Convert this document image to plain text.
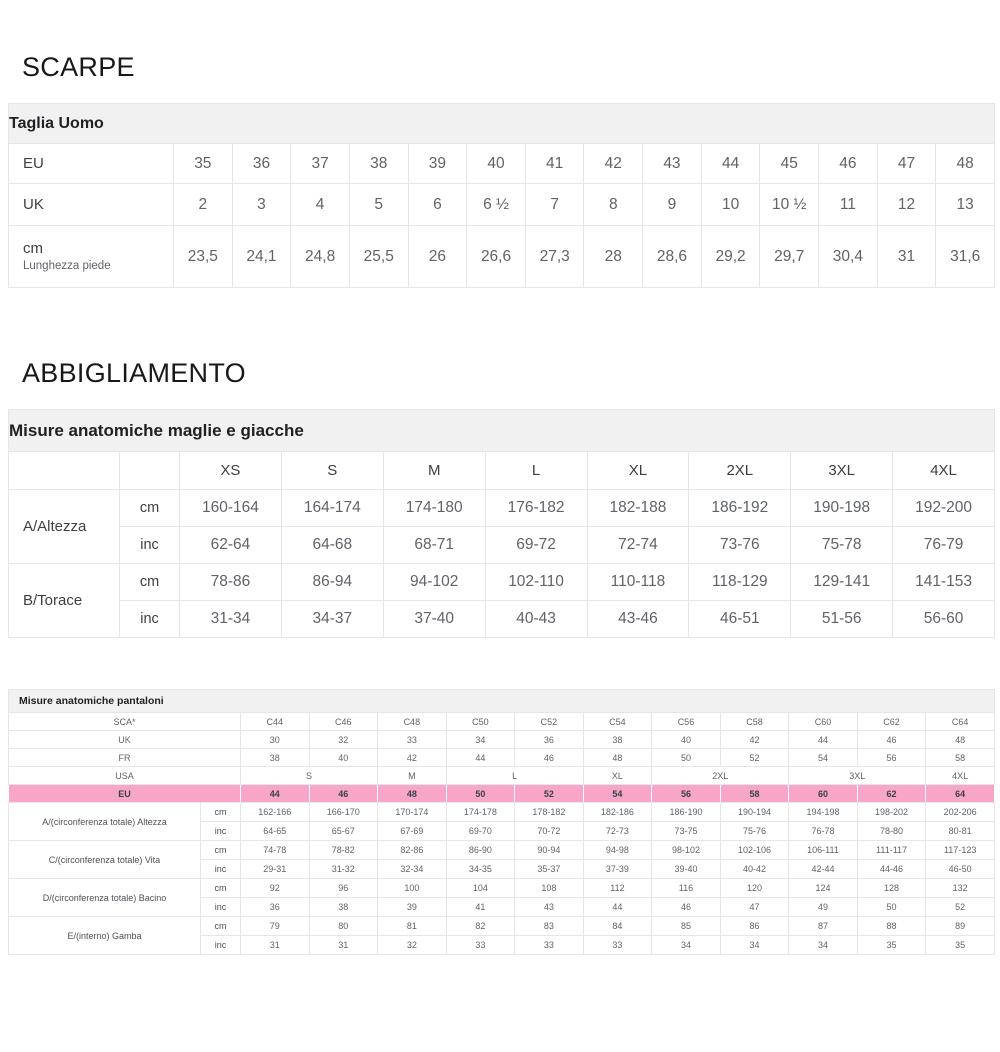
SCARPE
Taglia Uomo														

EU	35	36	37	38	39	40	41	42	43	44	45	46	47	48

UK	2	3	4	5	6	6 ½	7	8	9	10	10 ½	11	12	13

cm
Lunghezza piede	23,5	24,1	24,8	25,5	26	26,6	27,3	28	28,6	29,2	29,7	30,4	31	31,6
ABBIGLIAMENTO
Misure anatomiche maglie e giacche									
		XS	S	M	L	XL	2XL	3XL	4XL
A/Altezza	cm	160-164	164-174	174-180	176-182	182-188	186-192	190-198	192-200
	inc	62-64	64-68	68-71	69-72	72-74	73-76	75-78	76-79
B/Torace	cm	78-86	86-94	94-102	102-110	110-118	118-129	129-141	141-153
	inc	31-34	34-37	37-40	40-43	43-46	46-51	51-56	56-60
Misure anatomiche pantaloni												
SCA*		C44	C46	C48	C50	C52	C54	C56	C58	C60	C62	C64
UK		30	32	33	34	36	38	40	42	44	46	48
FR		38	40	42	44	46	48	50	52	54	56	58
USA		S		M	L		XL	2XL		3XL		4XL
EU		44	46	48	50	52	54	56	58	60	62	64
A/(circonferenza totale) Altezza	cm	162-166	166-170	170-174	174-178	178-182	182-186	186-190	190-194	194-198	198-202	202-206
	inc	64-65	65-67	67-69	69-70	70-72	72-73	73-75	75-76	76-78	78-80	80-81
C/(circonferenza totale) Vita	cm	74-78	78-82	82-86	86-90	90-94	94-98	98-102	102-106	106-111	111-117	117-123
	inc	29-31	31-32	32-34	34-35	35-37	37-39	39-40	40-42	42-44	44-46	46-50
D/(circonferenza totale) Bacino	cm	92	96	100	104	108	112	116	120	124	128	132
	inc	36	38	39	41	43	44	46	47	49	50	52
E/(interno) Gamba	cm	79	80	81	82	83	84	85	86	87	88	89
	inc	31	31	32	33	33	33	34	34	34	35	35
